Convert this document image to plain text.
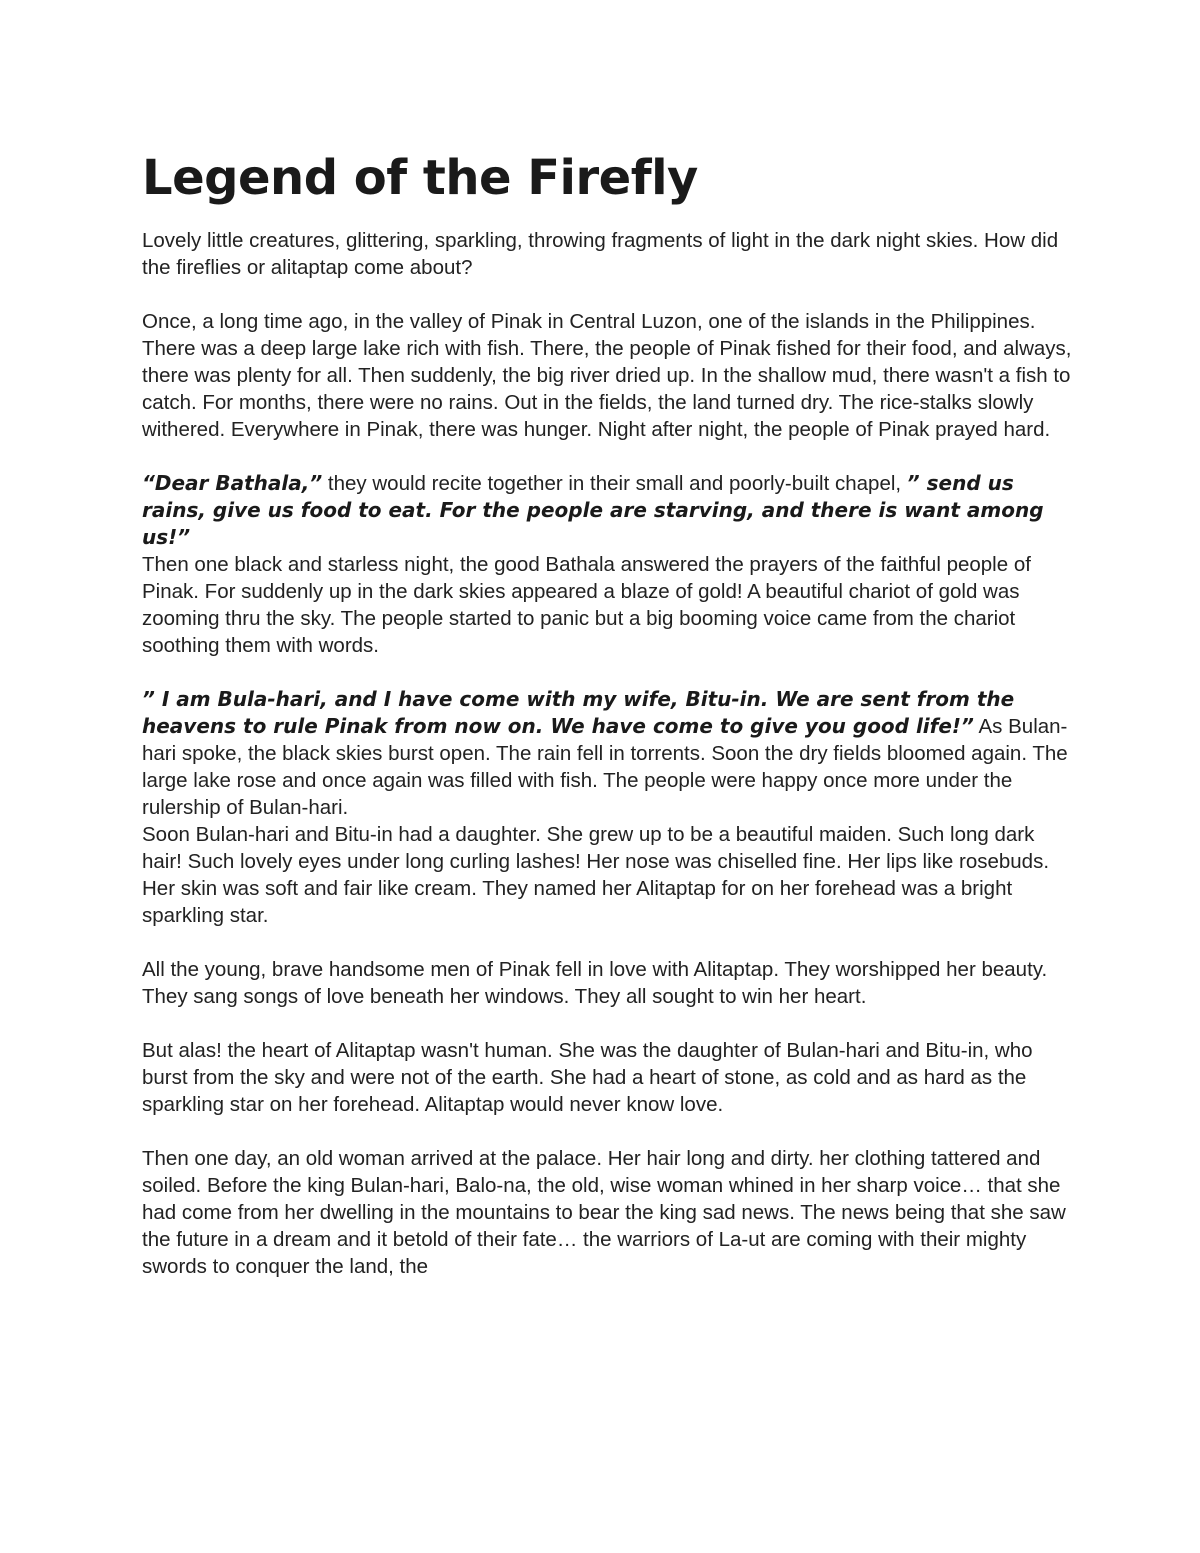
Legend of the Firefly

Lovely little creatures, glittering, sparkling, throwing fragments of light in the dark night skies. How did the fireflies or alitaptap come about?

Once, a long time ago, in the valley of Pinak in Central Luzon, one of the islands in the Philippines. There was a deep large lake rich with fish. There, the people of Pinak fished for their food, and always, there was plenty for all. Then suddenly, the big river dried up. In the shallow mud, there wasn't a fish to catch. For months, there were no rains. Out in the fields, the land turned dry. The rice-stalks slowly withered. Everywhere in Pinak, there was hunger. Night after night, the people of Pinak prayed hard.

“Dear Bathala,” they would recite together in their small and poorly-built chapel, ” send us rains, give us food to eat. For the people are starving, and there is want among us!”

Then one black and starless night, the good Bathala answered the prayers of the faithful people of Pinak. For suddenly up in the dark skies appeared a blaze of gold! A beautiful chariot of gold was zooming thru the sky. The people started to panic but a big booming voice came from the chariot soothing them with words.

” I am Bula-hari, and I have come with my wife, Bitu-in. We are sent from the heavens to rule Pinak from now on. We have come to give you good life!” As Bulan-hari spoke, the black skies burst open. The rain fell in torrents. Soon the dry fields bloomed again. The large lake rose and once again was filled with fish. The people were happy once more under the rulership of Bulan-hari.

Soon Bulan-hari and Bitu-in had a daughter. She grew up to be a beautiful maiden. Such long dark hair! Such lovely eyes under long curling lashes! Her nose was chiselled fine. Her lips like rosebuds. Her skin was soft and fair like cream. They named her Alitaptap for on her forehead was a bright sparkling star.

All the young, brave handsome men of Pinak fell in love with Alitaptap. They worshipped her beauty. They sang songs of love beneath her windows. They all sought to win her heart.

But alas! the heart of Alitaptap wasn't human. She was the daughter of Bulan-hari and Bitu-in, who burst from the sky and were not of the earth. She had a heart of stone, as cold and as hard as the sparkling star on her forehead. Alitaptap would never know love.

Then one day, an old woman arrived at the palace. Her hair long and dirty. her clothing tattered and soiled. Before the king Bulan-hari, Balo-na, the old, wise woman whined in her sharp voice… that she had come from her dwelling in the mountains to bear the king sad news. The news being that she saw the future in a dream and it betold of their fate… the warriors of La-ut are coming with their mighty swords to conquer the land, the
